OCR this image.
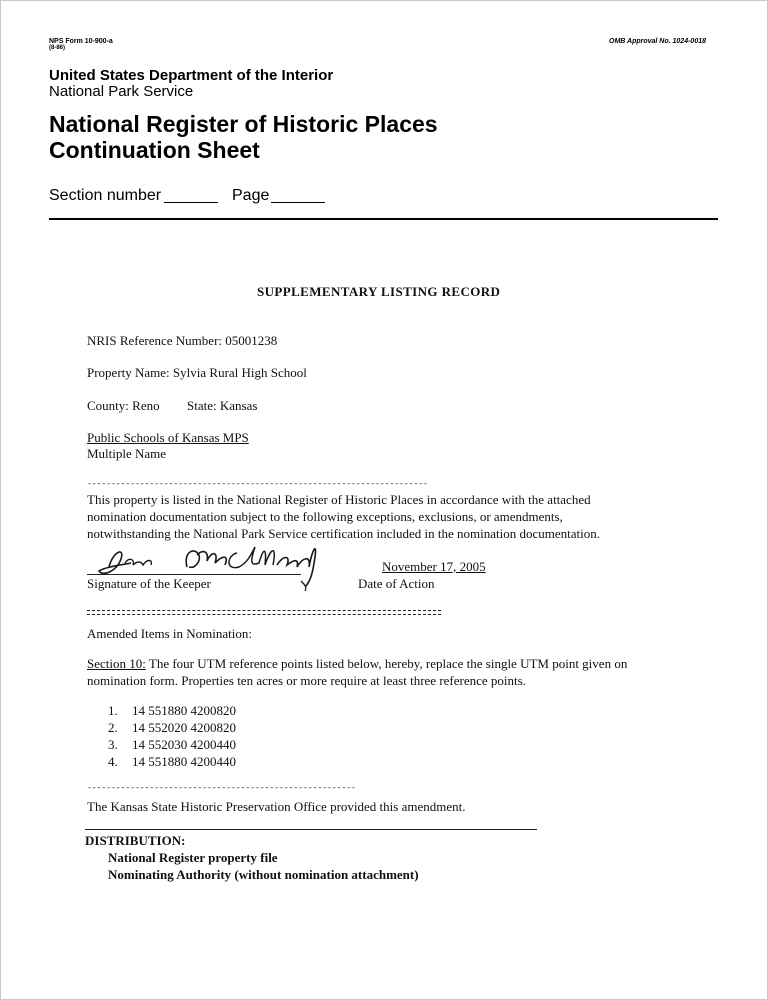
NPS Form 10-900-a
(8-86)
OMB Approval No. 1024-0018
United States Department of the Interior
National Park Service
National Register of Historic Places
Continuation Sheet
Section number	Page
SUPPLEMENTARY LISTING RECORD
NRIS Reference Number: 05001238
Property Name: Sylvia Rural High School
County: Reno State: Kansas
Public Schools of Kansas MPS
Multiple Name
-----------------------------------------------------------------------
This property is listed in the National Register of Historic Places in accordance with the attached
nomination documentation subject to the following exceptions, exclusions, or amendments,
notwithstanding the National Park Service certification included in the nomination documentation.
Signature of the Keeper
November 17, 2005
Date of Action
Amended Items in Nomination:
Section 10: The four UTM reference points listed below, hereby, replace the single UTM point given on
nomination form. Properties ten acres or more require at least three reference points.
1. 14 551880 4200820
2. 14 552020 4200820
3. 14 552030 4200440
4. 14 551880 4200440
--------------------------------------------------------
The Kansas State Historic Preservation Office provided this amendment.
DISTRIBUTION:
National Register property file
Nominating Authority (without nomination attachment)
